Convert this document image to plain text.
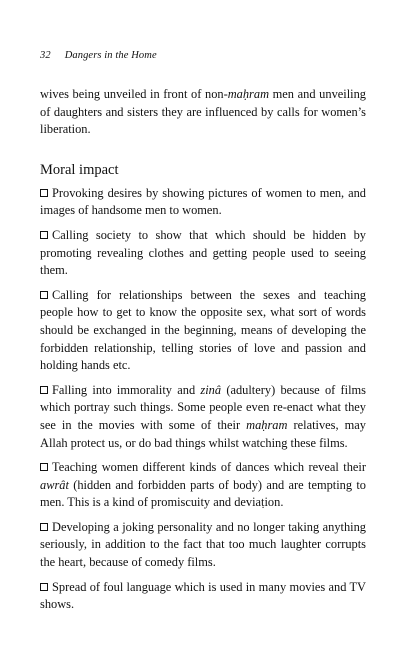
32 Dangers in the Home

wives being unveiled in front of non-maḥram men and unveiling of daughters and sisters they are influenced by calls for women’s liberation.

Moral impact

Provoking desires by showing pictures of women to men, and images of handsome men to women.

Calling society to show that which should be hidden by promoting revealing clothes and getting people used to seeing them.

Calling for relationships between the sexes and teaching people how to get to know the opposite sex, what sort of words should be exchanged in the beginning, means of developing the forbidden relationship, telling stories of love and passion and holding hands etc.

Falling into immorality and zinâ (adultery) because of films which portray such things. Some people even re-enact what they see in the movies with some of their maḥram relatives, may Allah protect us, or do bad things whilst watching these films.

Teaching women different kinds of dances which reveal their awrât (hidden and forbidden parts of body) and are tempting to men. This is a kind of promiscuity and deviaṭion.

Developing a joking personality and no longer taking anything seriously, in addition to the fact that too much laughter corrupts the heart, because of comedy films.

Spread of foul language which is used in many movies and TV shows.
